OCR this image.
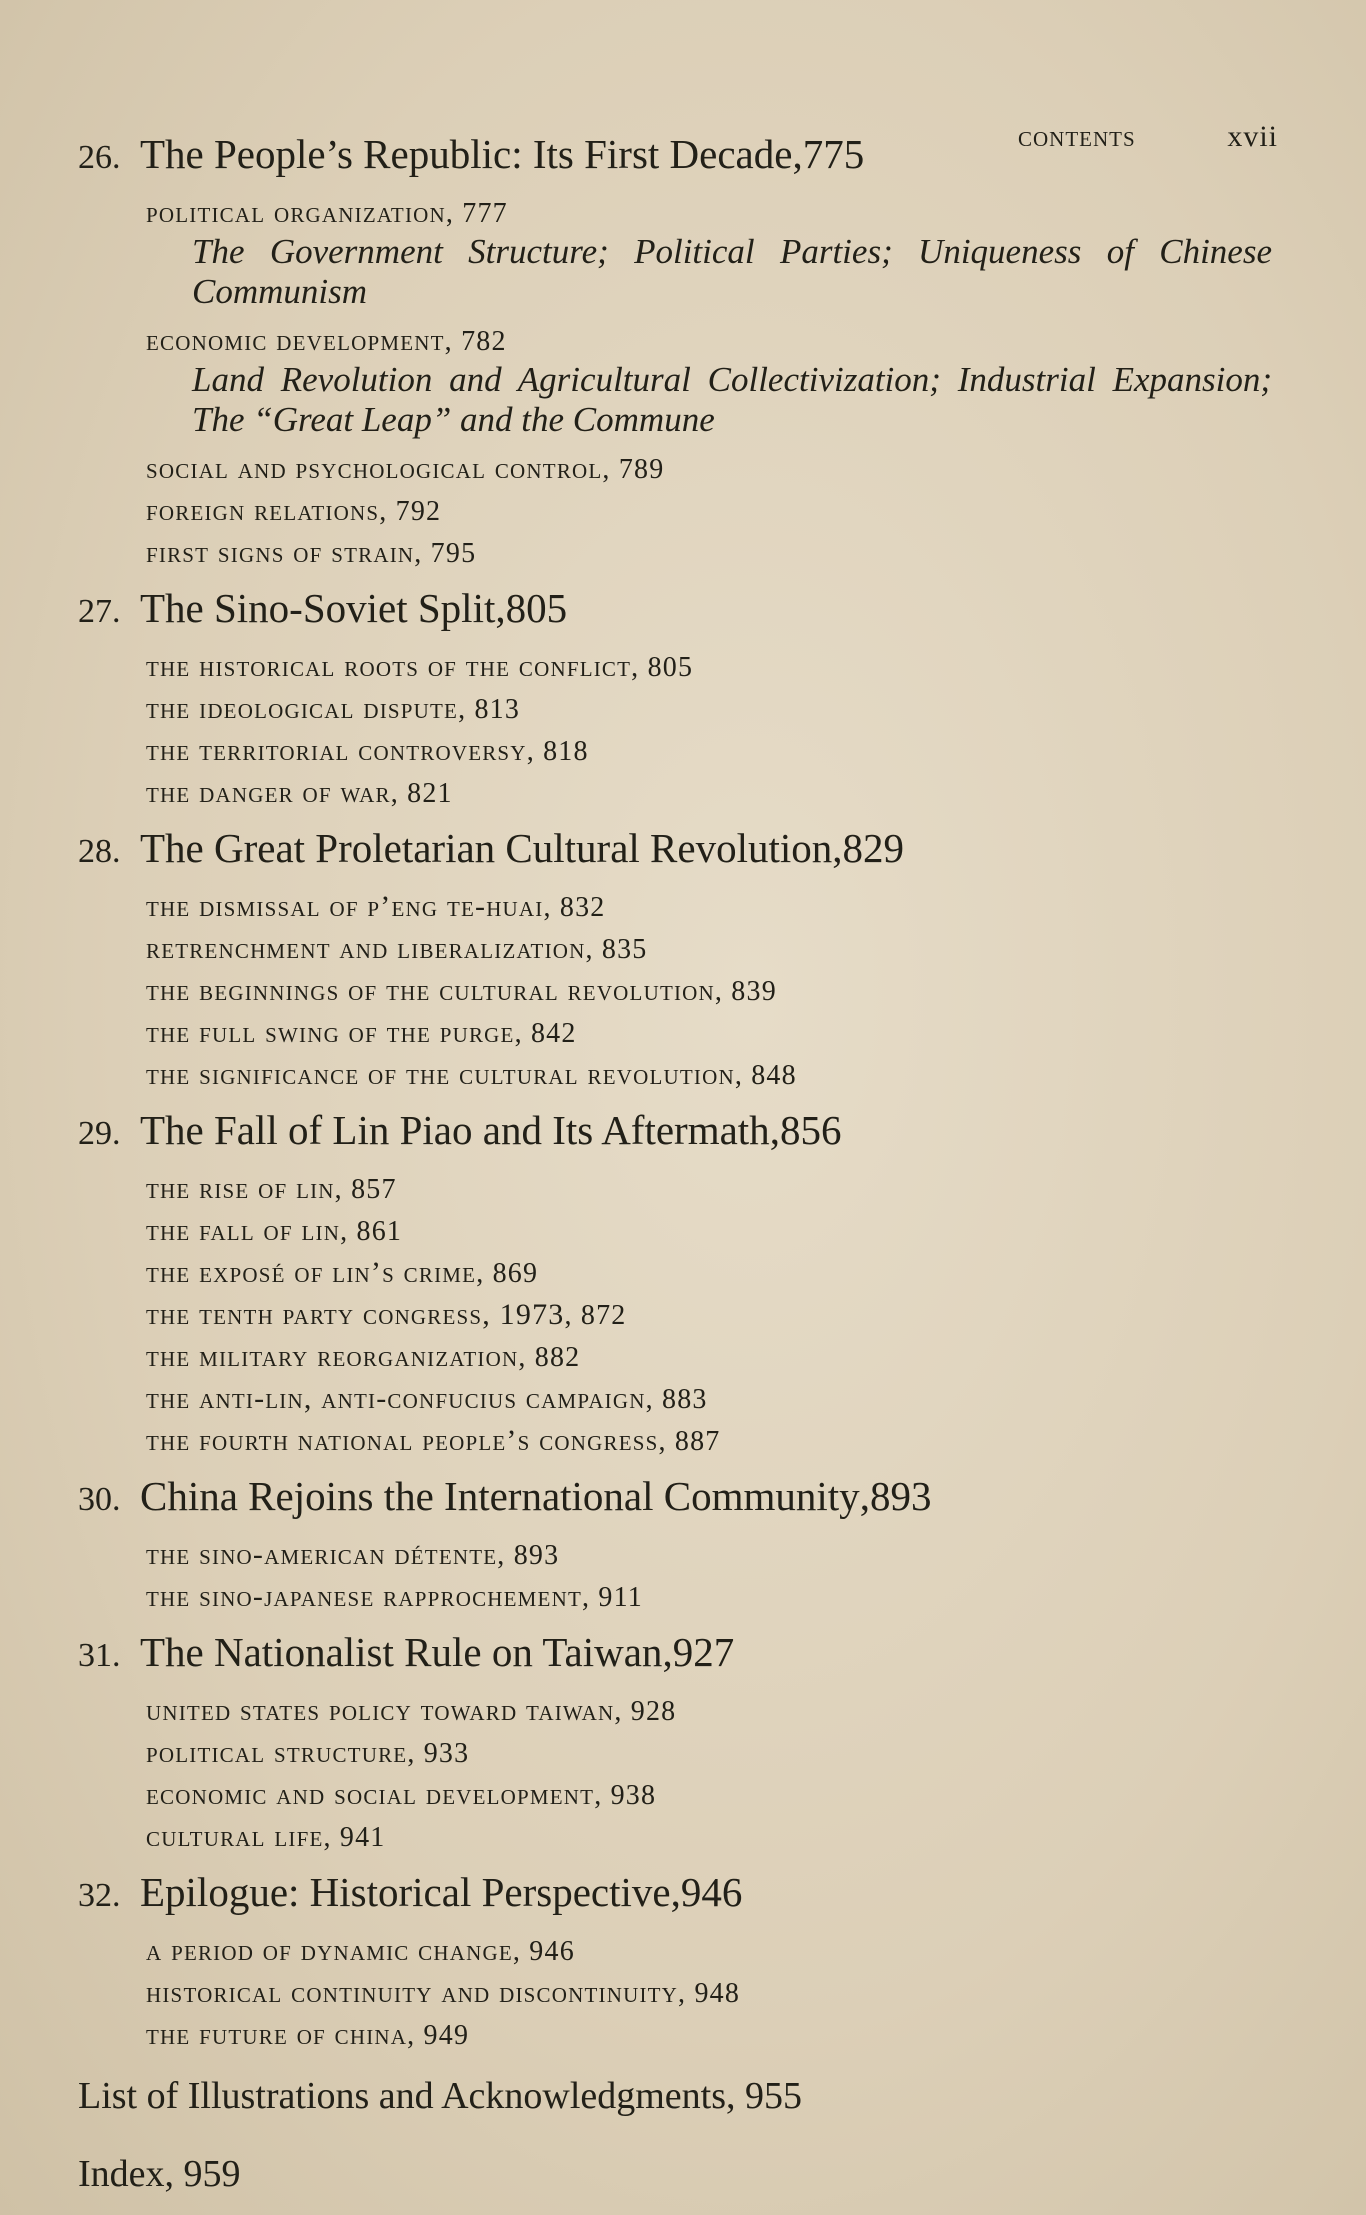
contents	xvii
26. The People’s Republic: Its First Decade , 775
political organization, 777
The Government Structure; Political Parties; Uniqueness of Chinese Communism
economic development, 782
Land Revolution and Agricultural Collectivization; Industrial Expansion; The “Great Leap” and the Commune
social and psychological control, 789
foreign relations, 792
first signs of strain, 795
27. The Sino-Soviet Split , 805
the historical roots of the conflict, 805
the ideological dispute, 813
the territorial controversy, 818
the danger of war, 821
28. The Great Proletarian Cultural Revolution , 829
the dismissal of p’eng te-huai, 832
retrenchment and liberalization, 835
the beginnings of the cultural revolution, 839
the full swing of the purge, 842
the significance of the cultural revolution, 848
29. The Fall of Lin Piao and Its Aftermath , 856
the rise of lin, 857
the fall of lin, 861
the exposé of lin’s crime, 869
the tenth party congress, 1973, 872
the military reorganization, 882
the anti-lin, anti-confucius campaign, 883
the fourth national people’s congress, 887
30. China Rejoins the International Community , 893
the sino-american détente, 893
the sino-japanese rapprochement, 911
31. The Nationalist Rule on Taiwan , 927
united states policy toward taiwan, 928
political structure, 933
economic and social development, 938
cultural life, 941
32. Epilogue: Historical Perspective , 946
a period of dynamic change, 946
historical continuity and discontinuity, 948
the future of china, 949
List of Illustrations and Acknowledgments, 955
Index, 959
